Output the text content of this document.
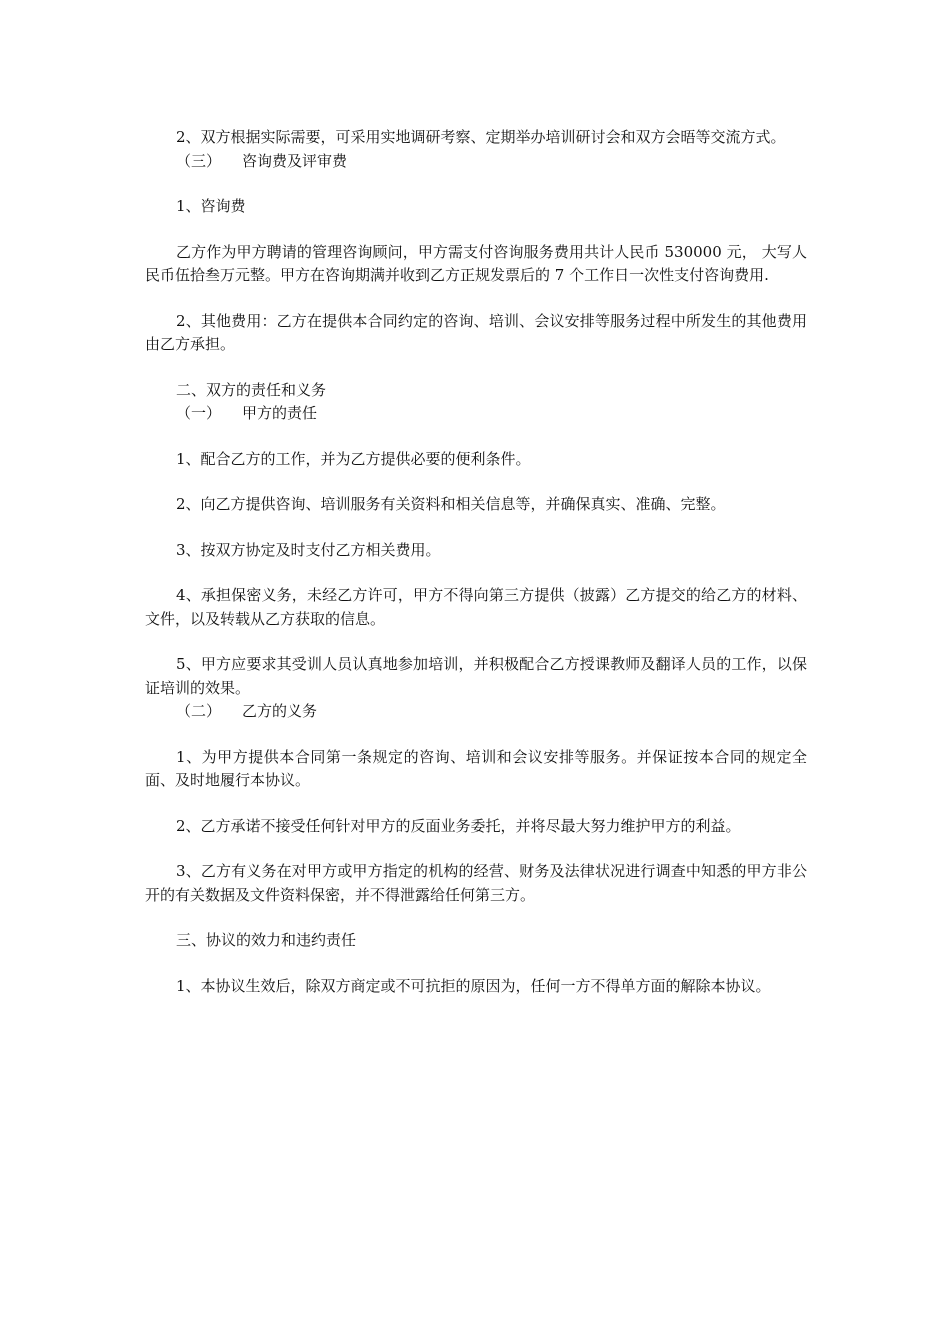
2、双方根据实际需要，可采用实地调研考察、定期举办培训研讨会和双方会晤等交流方式。

（三） 咨询费及评审费

1、咨询费

乙方作为甲方聘请的管理咨询顾问，甲方需支付咨询服务费用共计人民币 530000 元， 大写人民币伍拾叁万元整。甲方在咨询期满并收到乙方正规发票后的 7 个工作日一次性支付咨询费用.

2、其他费用：乙方在提供本合同约定的咨询、培训、会议安排等服务过程中所发生的其他费用由乙方承担。

二、双方的责任和义务

（一） 甲方的责任

1、配合乙方的工作，并为乙方提供必要的便利条件。

2、向乙方提供咨询、培训服务有关资料和相关信息等，并确保真实、准确、完整。

3、按双方协定及时支付乙方相关费用。

4、承担保密义务，未经乙方许可，甲方不得向第三方提供（披露）乙方提交的给乙方的材料、文件，以及转载从乙方获取的信息。

5、甲方应要求其受训人员认真地参加培训，并积极配合乙方授课教师及翻译人员的工作，以保证培训的效果。

（二） 乙方的义务

1、为甲方提供本合同第一条规定的咨询、培训和会议安排等服务。并保证按本合同的规定全面、及时地履行本协议。

2、乙方承诺不接受任何针对甲方的反面业务委托，并将尽最大努力维护甲方的利益。

3、乙方有义务在对甲方或甲方指定的机构的经营、财务及法律状况进行调查中知悉的甲方非公开的有关数据及文件资料保密，并不得泄露给任何第三方。

三、协议的效力和违约责任

1、本协议生效后，除双方商定或不可抗拒的原因为，任何一方不得单方面的解除本协议。
